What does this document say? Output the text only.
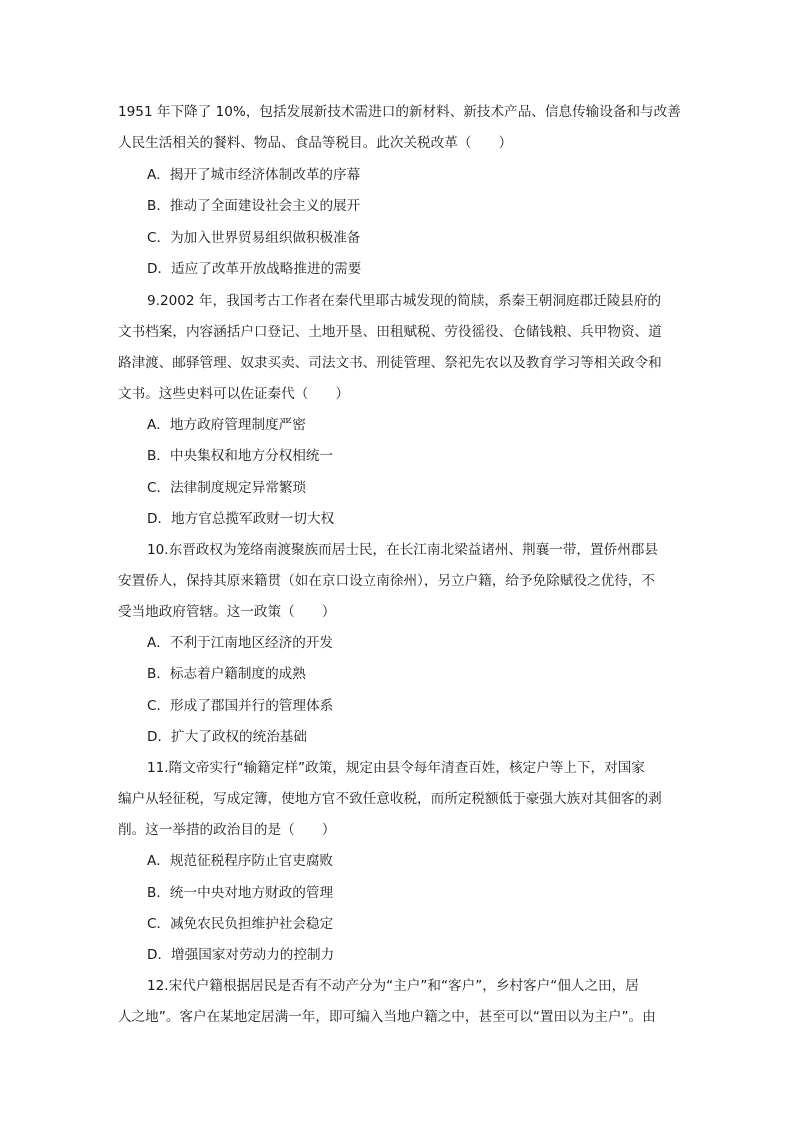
1951 年下降了 10%，包括发展新技术需进口的新材料、新技术产品、信息传输设备和与改善
人民生活相关的餐料、物品、食品等税目。此次关税改革（　　）
A．揭开了城市经济体制改革的序幕
B．推动了全面建设社会主义的展开
C．为加入世界贸易组织做积极准备
D．适应了改革开放战略推进的需要
9.2002 年，我国考古工作者在秦代里耶古城发现的简牍，系秦王朝洞庭郡迁陵县府的
文书档案，内容涵括户口登记、土地开垦、田租赋税、劳役徭役、仓储钱粮、兵甲物资、道
路津渡、邮驿管理、奴隶买卖、司法文书、刑徒管理、祭祀先农以及教育学习等相关政令和
文书。这些史料可以佐证秦代（　　）
A．地方政府管理制度严密
B．中央集权和地方分权相统一
C．法律制度规定异常繁琐
D．地方官总揽军政财一切大权
10.东晋政权为笼络南渡聚族而居士民，在长江南北梁益诸州、荆襄一带，置侨州郡县
安置侨人，保持其原来籍贯（如在京口设立南徐州），另立户籍，给予免除赋役之优待，不
受当地政府管辖。这一政策（　　）
A．不利于江南地区经济的开发
B．标志着户籍制度的成熟
C．形成了郡国并行的管理体系
D．扩大了政权的统治基础
11.隋文帝实行“输籍定样”政策，规定由县令每年清查百姓，核定户等上下，对国家
编户从轻征税，写成定簿，使地方官不致任意收税，而所定税额低于豪强大族对其佃客的剥
削。这一举措的政治目的是（　　）
A．规范征税程序防止官吏腐败
B．统一中央对地方财政的管理
C．减免农民负担维护社会稳定
D．增强国家对劳动力的控制力
12.宋代户籍根据居民是否有不动产分为“主户”和“客户”，乡村客户“佃人之田，居
人之地”。客户在某地定居满一年，即可编入当地户籍之中，甚至可以“置田以为主户”。由
